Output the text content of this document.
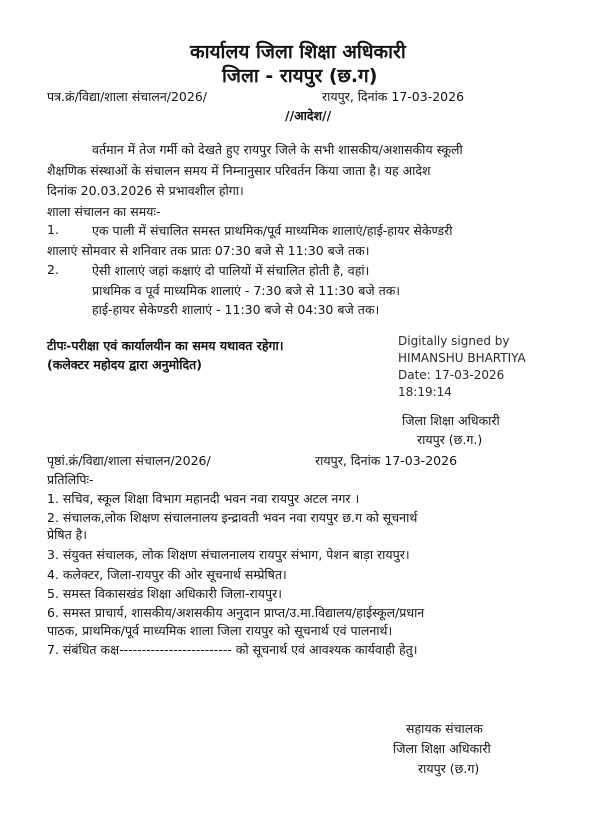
कार्यालय जिला शिक्षा अधिकारी
जिला - रायपुर (छ.ग)
पत्र.क्रं/विद्या/शाला संचालन/2026/	रायपुर, दिनांक 17-03-2026
//आदेश//
वर्तमान में तेज गर्मी को देखते हुए रायपुर जिले के सभी शासकीय/अशासकीय स्कूली
शैक्षणिक संस्थाओं के संचालन समय में निम्नानुसार परिवर्तन किया जाता है। यह आदेश
दिनांक 20.03.2026 से प्रभावशील होगा।
शाला संचालन का समयः-
1.	एक पाली में संचालित समस्त प्राथमिक/पूर्व माध्यमिक शालाएं/हाई-हायर सेकेण्डरी
शालाएं सोमवार से शनिवार तक प्रातः 07:30 बजे से 11:30 बजे तक।
2.	ऐसी शालाएं जहां कक्षाएं दो पालियों में संचालित होती है, वहां।
प्राथमिक व पूर्व माध्यमिक शालाएं - 7:30 बजे से 11:30 बजे तक।
हाई-हायर सेकेण्डरी शालाएं - 11:30 बजे से 04:30 बजे तक।
टीपः-परीक्षा एवं कार्यालयीन का समय यथावत रहेगा।
(कलेक्टर महोदय द्वारा अनुमोदित)
Digitally signed by
HIMANSHU BHARTIYA
Date: 17-03-2026
18:19:14
जिला शिक्षा अधिकारी
रायपुर (छ.ग.)
पृष्ठां.क्रं/विद्या/शाला संचालन/2026/	रायपुर, दिनांक 17-03-2026
प्रतिलिपिः-
1. सचिव, स्कूल शिक्षा विभाग महानदी भवन नवा रायपुर अटल नगर ।
2. संचालक,लोक शिक्षण संचालनालय इन्द्रावती भवन नवा रायपुर छ.ग को सूचनार्थ
प्रेषित है।
3. संयुक्त संचालक, लोक शिक्षण संचालनालय रायपुर संभाग, पेशन बाड़ा रायपुर।
4. कलेक्टर, जिला-रायपुर की ओर सूचनार्थ सम्प्रेषित।
5. समस्त विकासखंड शिक्षा अधिकारी जिला-रायपुर।
6. समस्त प्राचार्य, शासकीय/अशसकीय अनुदान प्राप्त/उ.मा.विद्यालय/हाईस्कूल/प्रधान
पाठक, प्राथमिक/पूर्व माध्यमिक शाला जिला रायपुर को सूचनार्थ एवं पालनार्थ।
7. संबंधित कक्ष------------------------- को सूचनार्थ एवं आवश्यक कार्यवाही हेतु।
सहायक संचालक
जिला शिक्षा अधिकारी
रायपुर (छ.ग)
